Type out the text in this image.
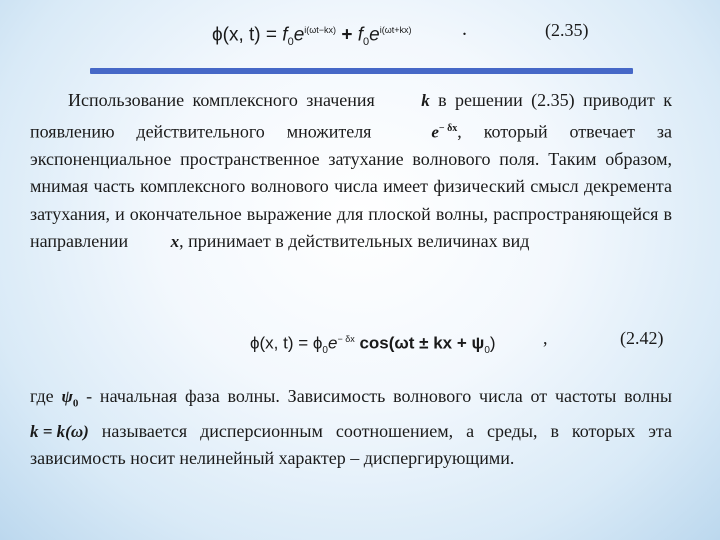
ϕ(x, $t) = f_0e^{i(\omega t-kx)} + f_0e^{i(\omega t+kx)}$	.	(2.35)
Использование комплексного значения k в решении (2.35) приводит к появлению действительного множителя $e^{- \delta x}$, который отвечает за экспоненциальное пространственное затухание волнового поля. Таким образом, мнимая часть комплексного волнового числа имеет физический смысл декремента затухания, и окончательное выражение для плоской волны, распространяющейся в направлении x, принимает в действительных величинах вид
ϕ(x, $t) = \phi_0e^{- \delta x}$ cos(ωt ± kx + $\psi_0$)	,	(2.42)
где $\psi_0$ - начальная фаза волны. Зависимость волнового числа от частоты волны k = k(ω) называется дисперсионным соотношением, а среды, в которых эта зависимость носит нелинейный характер – диспергирующими.
